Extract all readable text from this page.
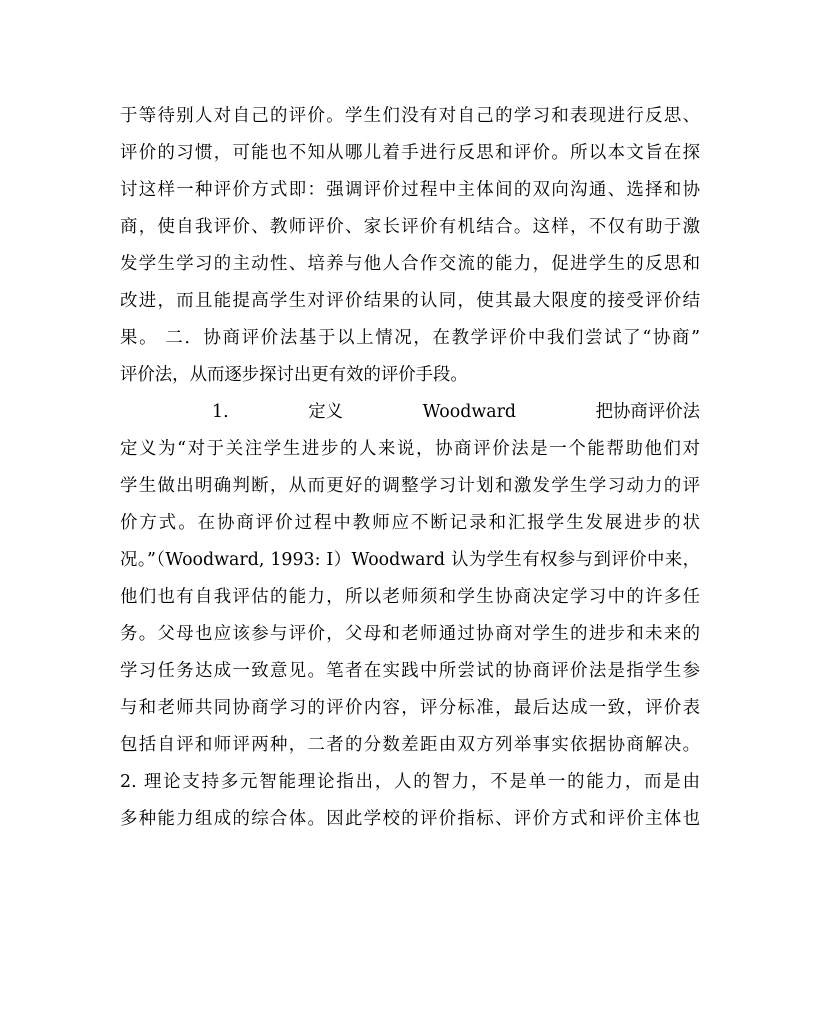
于等待别人对自己的评价。学生们没有对自己的学习和表现进行反思、
评价的习惯，可能也不知从哪儿着手进行反思和评价。所以本文旨在探
讨这样一种评价方式即：强调评价过程中主体间的双向沟通、选择和协
商，使自我评价、教师评价、家长评价有机结合。这样，不仅有助于激
发学生学习的主动性、培养与他人合作交流的能力，促进学生的反思和
改进，而且能提高学生对评价结果的认同，使其最大限度的接受评价结
果。 二．协商评价法基于以上情况，在教学评价中我们尝试了“协商”
评价法，从而逐步探讨出更有效的评价手段。
1.	定义	Woodward	把协商评价法
定义为“对于关注学生进步的人来说，协商评价法是一个能帮助他们对
学生做出明确判断，从而更好的调整学习计划和激发学生学习动力的评
价方式。在协商评价过程中教师应不断记录和汇报学生发展进步的状
况。”（Woodward, 1993: I）Woodward 认为学生有权参与到评价中来，
他们也有自我评估的能力，所以老师须和学生协商决定学习中的许多任
务。父母也应该参与评价，父母和老师通过协商对学生的进步和未来的
学习任务达成一致意见。笔者在实践中所尝试的协商评价法是指学生参
与和老师共同协商学习的评价内容，评分标准，最后达成一致，评价表
包括自评和师评两种，二者的分数差距由双方列举事实依据协商解决。
2. 理论支持多元智能理论指出，人的智力，不是单一的能力，而是由
多种能力组成的综合体。因此学校的评价指标、评价方式和评价主体也
